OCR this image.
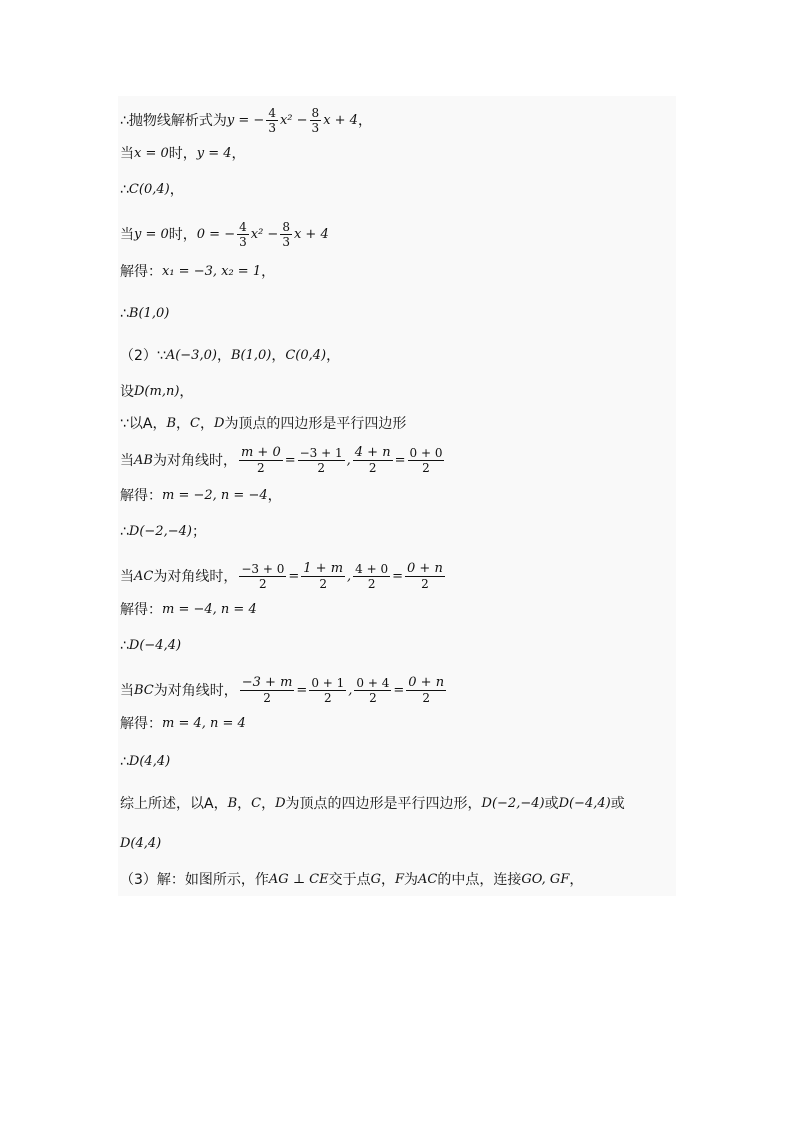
∴抛物线解析式为 y = − $\frac{4}{3} x^2 - \frac{8}{3}$ x + 4 ，
当 x = 0 时， y = 4 ，
∴ C(0,4) ，
当 y = 0 时， 0 = − $\frac{4}{3} x^2 - \frac{8}{3}$ x + 4
解得： x₁ = −3, x₂ = 1 ，
∴ B(1,0)
（2）∵ A(−3,0) ， B(1,0) ， C(0,4) ，
设 D(m,n) ，
∵以A， B ， C ， D 为顶点的四边形是平行四边形
当 AB 为对角线时， $\frac{m + 0}{2} = \frac{-3 + 1}{2}$ , $\frac{4 + n}{2} = \frac{0 + 0}{2}$
解得： m = −2, n = −4 ，
∴ D(−2,−4) ；
当 AC 为对角线时， $\frac{-3 + 0}{2} = \frac{1 + m}{2}$ , $\frac{4 + 0}{2} = \frac{0 + n}{2}$
解得： m = −4, n = 4
∴ D(−4,4)
当 BC 为对角线时， $\frac{-3 + m}{2} = \frac{0 + 1}{2}$ , $\frac{0 + 4}{2} = \frac{0 + n}{2}$
解得： m = 4, n = 4
∴ D(4,4)
综上所述，以A， B ， C ， D 为顶点的四边形是平行四边形， D(−2,−4) 或 D(−4,4) 或
D(4,4)
（3）解：如图所示，作 AG ⊥ CE 交于点 G ， F 为 AC 的中点，连接 GO, GF ，
